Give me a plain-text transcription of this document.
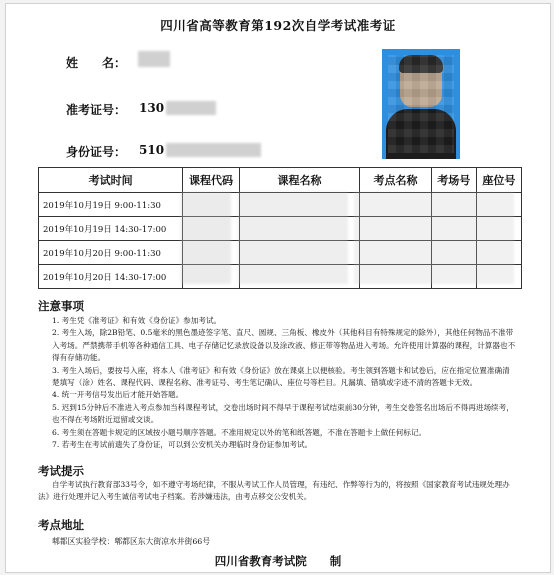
四川省高等教育第192次自学考试准考证
姓　　名：
准考证号： 130
身份证号： 510
考试时间	课程代码	课程名称	考点名称	考场号	座位号
2019年10月19日 9:00-11:30					
2019年10月19日 14:30-17:00					
2019年10月20日 9:00-11:30					
2019年10月20日 14:30-17:00					
注意事项

1. 考生凭《准考证》和有效《身份证》参加考试。

2. 考生入场，除2B铅笔、0.5毫米的黑色墨迹签字笔、直尺、圆规、三角板、橡皮外（其他科目有特殊规定的除外），其他任何物品不准带入考场。严禁携带手机等各种通信工具、电子存储记忆录放设备以及涂改液、修正带等物品进入考场。允许使用计算器的课程，计算器也不得有存储功能。

3. 考生入场后，要按号入座，将本人《准考证》和有效《身份证》放在课桌上以便核验。考生领到答题卡和试卷后，应在指定位置准确清楚填写（涂）姓名、课程代码、课程名称、准考证号、考生笔记确认、座位号等栏目。凡漏填、错填或字迹不清的答题卡无效。

4. 统一开考信号发出后才能开始答题。

5. 迟到15分钟后不准进入考点参加当科课程考试，交卷出场时间不得早于课程考试结束前30分钟，考生交卷签名出场后不得再进场续考，也不得在考场附近逗留或交谈。

6. 考生须在答题卡规定的区域按小题号顺序答题。不准用规定以外的笔和纸答题，不准在答题卡上做任何标记。

7. 若考生在考试前遗失了身份证，可以到公安机关办理临时身份证参加考试。

考试提示
自学考试执行教育部33号令，如不遵守考场纪律，不服从考试工作人员管理，有违纪、作弊等行为的，将按照《国家教育考试违规处理办法》进行处理并记入考生诚信考试电子档案。若涉嫌违法，由考点移交公安机关。
考点地址
郫都区实验学校：郫都区东大街凉水井街66号
四川省教育考试院　　制
